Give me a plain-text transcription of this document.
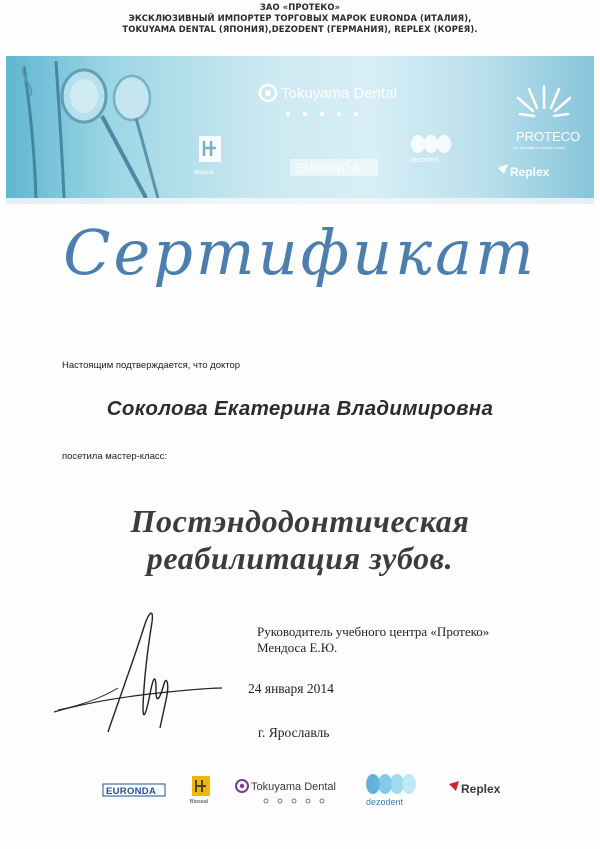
ЗАО «ПРОТЕКО»
ЭКСКЛЮЗИВНЫЙ ИМПОРТЕР ТОРГОВЫХ МАРОК EURONDA (ИТАЛИЯ),
TOKUYAMA DENTAL (ЯПОНИЯ),DEZODENT (ГЕРМАНИЯ), REPLEX (КОРЕЯ).
Tokuyama Dental
Bioseal	EURONDA
dezodent
PROTECO
Your specialist in infection control
Replex
Сертификат
Настоящим подтверждается, что доктор
Соколова Екатерина Владимировна
посетила мастер-класс:
Постэндодонтическая
реабилитация зубов.
Руководитель учебного центра «Протеко»
Мендоса Е.Ю.
24 января 2014
г. Ярославль
EURONDA
Bioseal
Tokuyama Dental
dezodent
Replex
